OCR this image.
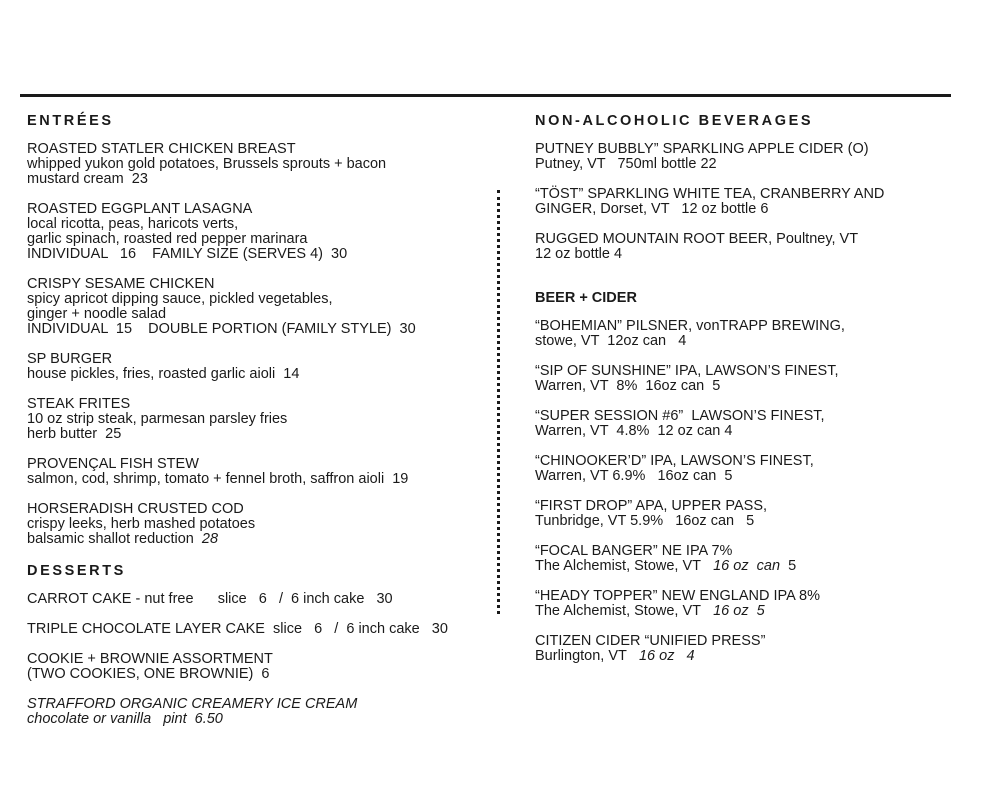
ENTRÉES

ROASTED STATLER CHICKEN BREAST

whipped yukon gold potatoes, Brussels sprouts + bacon

mustard cream  23

ROASTED EGGPLANT LASAGNA

local ricotta, peas, haricots verts,

garlic spinach, roasted red pepper marinara

INDIVIDUAL   16    FAMILY SIZE (SERVES 4)  30

CRISPY SESAME CHICKEN

spicy apricot dipping sauce, pickled vegetables,

ginger + noodle salad

INDIVIDUAL  15    DOUBLE PORTION (FAMILY STYLE)  30

SP BURGER

house pickles, fries, roasted garlic aioli  14

STEAK FRITES

10 oz strip steak, parmesan parsley fries

herb butter  25

PROVENÇAL FISH STEW

salmon, cod, shrimp, tomato + fennel broth, saffron aioli  19

HORSERADISH CRUSTED COD

crispy leeks, herb mashed potatoes

balsamic shallot reduction 28

DESSERTS

CARROT CAKE - nut free      slice   6   /  6 inch cake   30

TRIPLE CHOCOLATE LAYER CAKE  slice   6   /  6 inch cake   30

COOKIE + BROWNIE ASSORTMENT

(TWO COOKIES, ONE BROWNIE)  6

STRAFFORD ORGANIC CREAMERY ICE CREAM

chocolate or vanilla   pint  6.50

NON-ALCOHOLIC BEVERAGES

PUTNEY BUBBLY” SPARKLING APPLE CIDER (O)

Putney, VT   750ml bottle 22

“TÖST” SPARKLING WHITE TEA, CRANBERRY AND

GINGER, Dorset, VT   12 oz bottle 6

RUGGED MOUNTAIN ROOT BEER, Poultney, VT

12 oz bottle 4

BEER + CIDER

“BOHEMIAN” PILSNER, vonTRAPP BREWING,

stowe, VT  12oz can   4

“SIP OF SUNSHINE” IPA, LAWSON’S FINEST,

Warren, VT  8%  16oz can  5

“SUPER SESSION #6”  LAWSON’S FINEST,

Warren, VT  4.8%  12 oz can 4

“CHINOOKER’D” IPA, LAWSON’S FINEST,

Warren, VT 6.9%   16oz can  5

“FIRST DROP” APA, UPPER PASS,

Tunbridge, VT 5.9%   16oz can   5

“FOCAL BANGER” NE IPA 7%

The Alchemist, Stowe, VT 16 oz  can 5

“HEADY TOPPER” NEW ENGLAND IPA 8%

The Alchemist, Stowe, VT 16 oz  5

CITIZEN CIDER “UNIFIED PRESS”

Burlington, VT 16 oz   4
